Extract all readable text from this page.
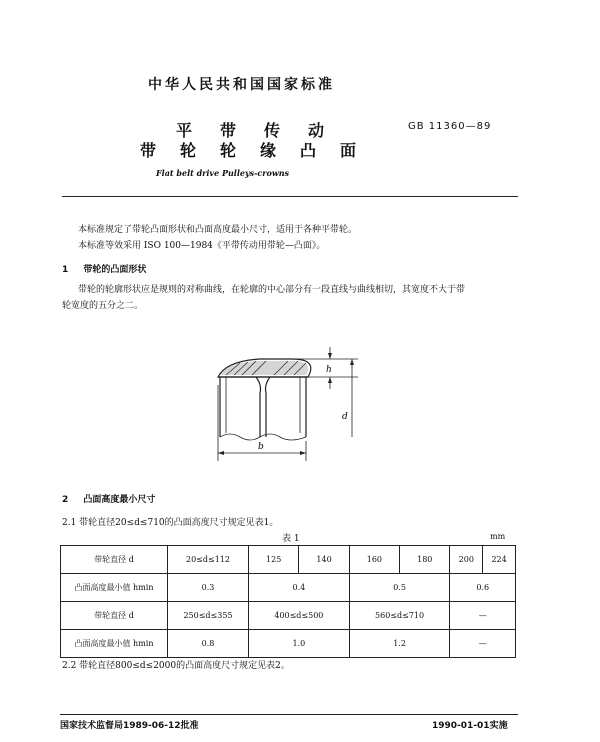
中华人民共和国国家标准
平带传动
带轮轮缘凸面
GB 11360—89
Flat belt drive Pulleys-crowns
本标准规定了带轮凸面形状和凸面高度最小尺寸，适用于各种平带轮。
本标准等效采用 ISO 100—1984《平带传动用带轮—凸面》。
1 带轮的凸面形状
带轮的轮廓形状应是规则的对称曲线，在轮廓的中心部分有一段直线与曲线相切，其宽度不大于带
轮宽度的五分之二。
h
d
b
2 凸面高度最小尺寸
2.1 带轮直径20≤d≤710的凸面高度尺寸规定见表1。
表 1	mm
带轮直径 d	20≤d≤112	125	140	160	180	200	224
凸面高度最小值 hmin	0.3	0.4		0.5		0.6	
带轮直径 d	250≤d≤355	400≤d≤500		560≤d≤710		—	
凸面高度最小值 hmin	0.8	1.0		1.2		—	
2.2 带轮直径800≤d≤2000的凸面高度尺寸规定见表2。
国家技术监督局1989-06-12批准	1990-01-01实施
